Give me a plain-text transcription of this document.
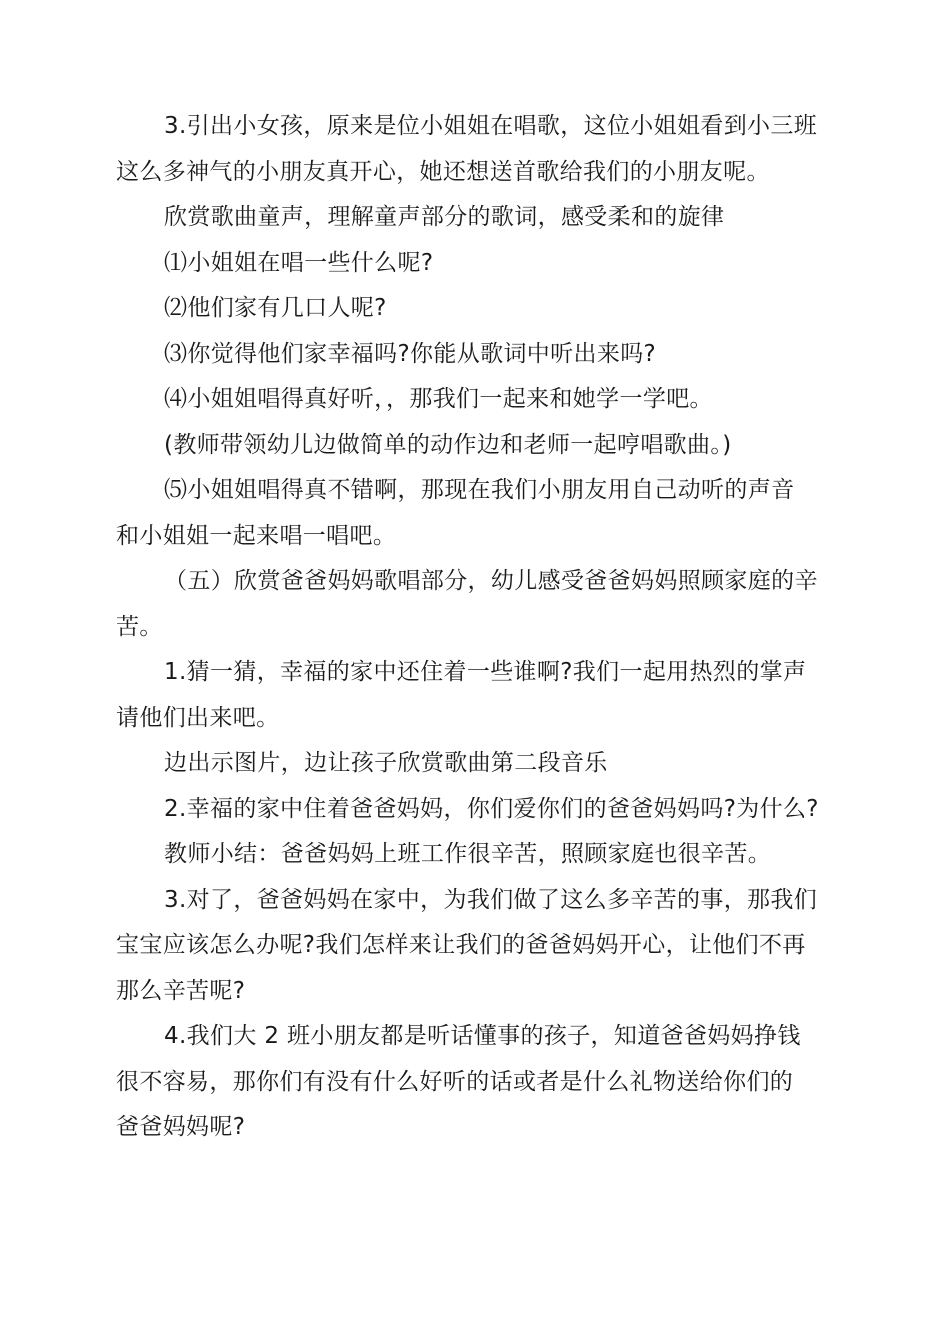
3.引出小女孩，原来是位小姐姐在唱歌，这位小姐姐看到小三班
这么多神气的小朋友真开心，她还想送首歌给我们的小朋友呢。

欣赏歌曲童声，理解童声部分的歌词，感受柔和的旋律

⑴小姐姐在唱一些什么呢?

⑵他们家有几口人呢?

⑶你觉得他们家幸福吗?你能从歌词中听出来吗?

⑷小姐姐唱得真好听，，那我们一起来和她学一学吧。

(教师带领幼儿边做简单的动作边和老师一起哼唱歌曲。)

⑸小姐姐唱得真不错啊，那现在我们小朋友用自己动听的声音
和小姐姐一起来唱一唱吧。

（五）欣赏爸爸妈妈歌唱部分，幼儿感受爸爸妈妈照顾家庭的辛
苦。

1.猜一猜，幸福的家中还住着一些谁啊?我们一起用热烈的掌声
请他们出来吧。

边出示图片，边让孩子欣赏歌曲第二段音乐

2.幸福的家中住着爸爸妈妈，你们爱你们的爸爸妈妈吗?为什么?

教师小结：爸爸妈妈上班工作很辛苦，照顾家庭也很辛苦。

3.对了，爸爸妈妈在家中，为我们做了这么多辛苦的事，那我们
宝宝应该怎么办呢?我们怎样来让我们的爸爸妈妈开心，让他们不再
那么辛苦呢?

4.我们大 2 班小朋友都是听话懂事的孩子，知道爸爸妈妈挣钱
很不容易，那你们有没有什么好听的话或者是什么礼物送给你们的
爸爸妈妈呢?
